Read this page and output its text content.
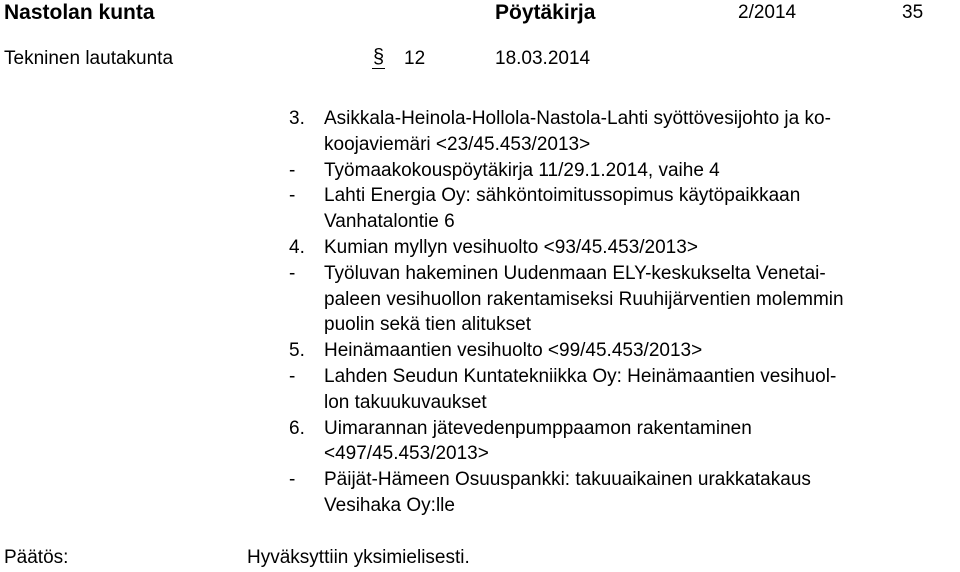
Nastolan kunta	Pöytäkirja	2/2014	35
Tekninen lautakunta	§ 12	18.03.2014
3.	Asikkala-Heinola-Hollola-Nastola-Lahti syöttövesijohto ja ko-
koojaviemäri <23/45.453/2013>
-	Työmaakokouspöytäkirja 11/29.1.2014, vaihe 4
-	Lahti Energia Oy: sähköntoimitussopimus käytöpaikkaan
Vanhatalontie 6
4.	Kumian myllyn vesihuolto <93/45.453/2013>
-	Työluvan hakeminen Uudenmaan ELY-keskukselta Venetai-
paleen vesihuollon rakentamiseksi Ruuhijärventien molemmin
puolin sekä tien alitukset
5.	Heinämaantien vesihuolto <99/45.453/2013>
-	Lahden Seudun Kuntatekniikka Oy: Heinämaantien vesihuol-
lon takuukuvaukset
6.	Uimarannan jätevedenpumppaamon rakentaminen
<497/45.453/2013>
-	Päijät-Hämeen Osuuspankki: takuuaikainen urakkatakaus
Vesihaka Oy:lle
Päätös:	Hyväksyttiin yksimielisesti.
